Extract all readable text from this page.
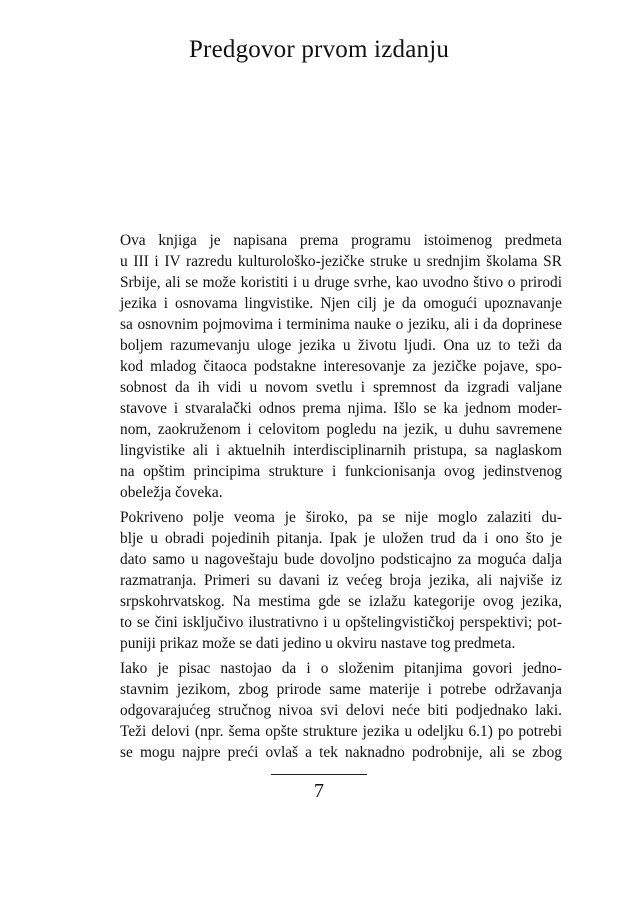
Predgovor prvom izdanju

Ova knjiga je napisana prema programu istoimenog predmeta
u III i IV razredu kulturološko-jezičke struke u srednjim školama SR
Srbije, ali se može koristiti i u druge svrhe, kao uvodno štivo o prirodi
jezika i osnovama lingvistike. Njen cilj je da omogući upoznavanje
sa osnovnim pojmovima i terminima nauke o jeziku, ali i da doprinese
boljem razumevanju uloge jezika u životu ljudi. Ona uz to teži da
kod mladog čitaoca podstakne interesovanje za jezičke pojave, spo-
sobnost da ih vidi u novom svetlu i spremnost da izgradi valjane
stavove i stvaralački odnos prema njima. Išlo se ka jednom moder-
nom, zaokruženom i celovitom pogledu na jezik, u duhu savremene
lingvistike ali i aktuelnih interdisciplinarnih pristupa, sa naglaskom
na opštim principima strukture i funkcionisanja ovog jedinstvenog
obeležja čoveka.

Pokriveno polje veoma je široko, pa se nije moglo zalaziti du-
blje u obradi pojedinih pitanja. Ipak je uložen trud da i ono što je
dato samo u nagoveštaju bude dovoljno podsticajno za moguća dalja
razmatranja. Primeri su davani iz većeg broja jezika, ali najviše iz
srpskohrvatskog. Na mestima gde se izlažu kategorije ovog jezika,
to se čini isključivo ilustrativno i u opštelingvističkoj perspektivi; pot-
puniji prikaz može se dati jedino u okviru nastave tog predmeta.

Iako je pisac nastojao da i o složenim pitanjima govori jedno-
stavnim jezikom, zbog prirode same materije i potrebe održavanja
odgovarajućeg stručnog nivoa svi delovi neće biti podjednako laki.
Teži delovi (npr. šema opšte strukture jezika u odeljku 6.1) po potrebi
se mogu najpre preći ovlaš a tek naknadno podrobnije, ali se zbog

7
